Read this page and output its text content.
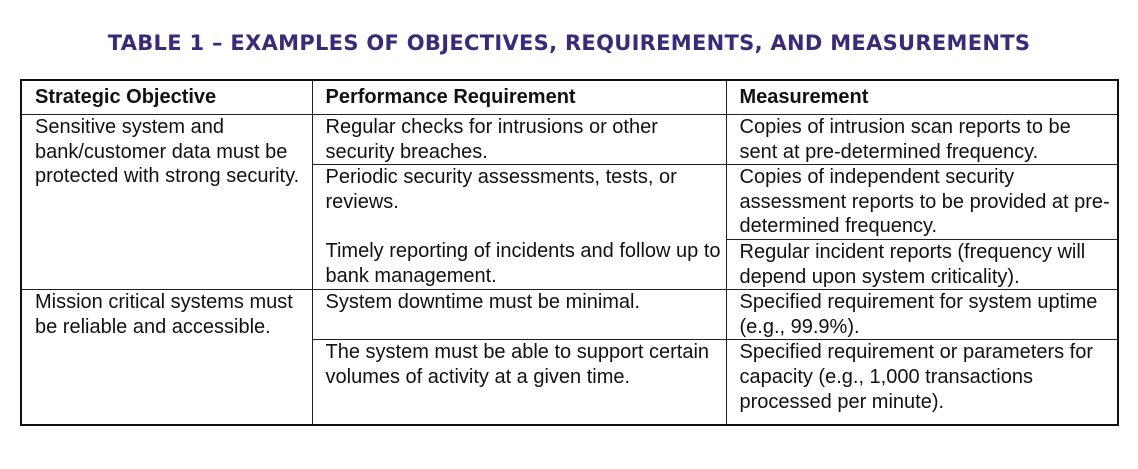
TABLE 1 – EXAMPLES OF OBJECTIVES, REQUIREMENTS, AND MEASUREMENTS
Strategic Objective	Performance Requirement	Measurement
Sensitive system and bank/customer data must be protected with strong security.	Regular checks for intrusions or other security breaches.	Copies of intrusion scan reports to be sent at pre-determined frequency.
	Periodic security assessments, tests, or reviews.	Copies of independent security assessment reports to be provided at pre-determined frequency.
	Timely reporting of incidents and follow up to bank management.	Regular incident reports (frequency will depend upon system criticality).
Mission critical systems must be reliable and accessible.	System downtime must be minimal.	Specified requirement for system uptime (e.g., 99.9%).
	The system must be able to support certain volumes of activity at a given time.	Specified requirement or parameters for capacity (e.g., 1,000 transactions processed per minute).
